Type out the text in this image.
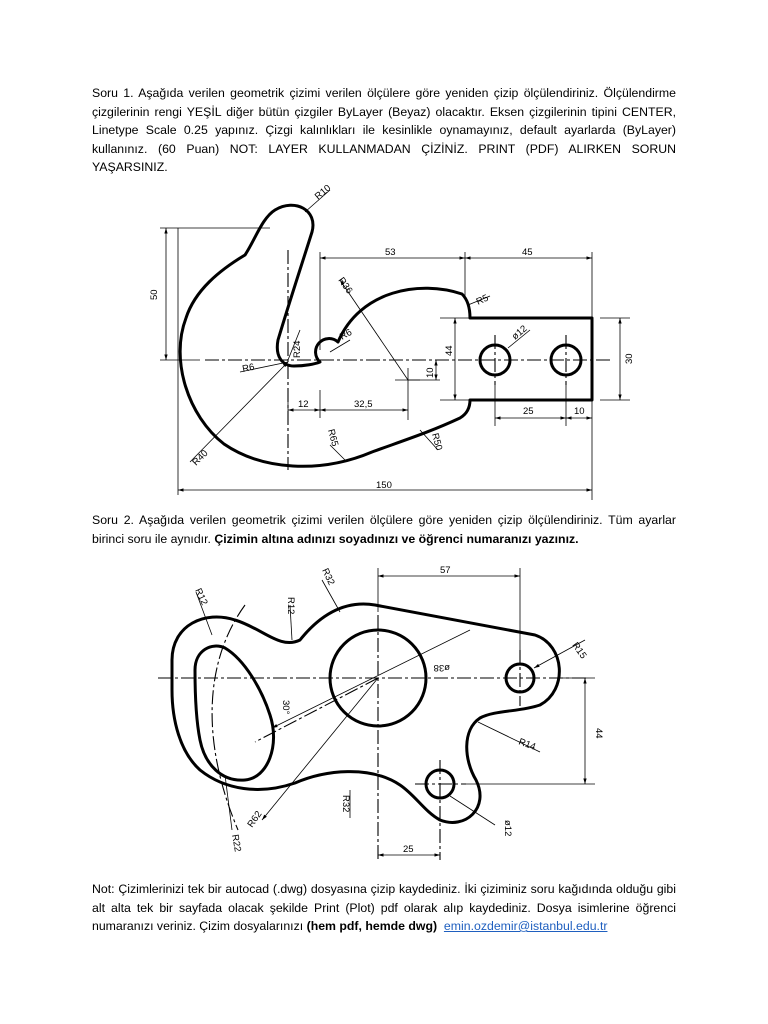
Soru 1. Aşağıda verilen geometrik çizimi verilen ölçülere göre yeniden çizip ölçülendiriniz. Ölçülendirme çizgilerinin rengi YEŞİL diğer bütün çizgiler ByLayer (Beyaz) olacaktır. Eksen çizgilerinin tipini CENTER, Linetype Scale 0.25 yapınız. Çizgi kalınlıkları ile kesinlikle oynamayınız, default ayarlarda (ByLayer) kullanınız. (60 Puan) NOT: LAYER KULLANMADAN ÇİZİNİZ. PRINT (PDF) ALIRKEN SORUN YAŞARSINIZ.
R10
53	45
R36
R5
50
R24
R6
R6
44
ø12
30
10
12	32,5
25	10
R65	R50
R40
150
Soru 2. Aşağıda verilen geometrik çizimi verilen ölçülere göre yeniden çizip ölçülendiriniz. Tüm ayarlar birinci soru ile aynıdır. Çizimin altına adınızı soyadınızı ve öğrenci numaranızı yazınız.
R32	57
R12	R12
R15
ø38
30°
44
R14
R32
R22
R62	ø12
25
Not: Çizimlerinizi tek bir autocad (.dwg) dosyasına çizip kaydediniz. İki çiziminiz soru kağıdında olduğu gibi alt alta tek bir sayfada olacak şekilde Print (Plot) pdf olarak alıp kaydediniz. Dosya isimlerine öğrenci numaranızı veriniz. Çizim dosyalarınızı (hem pdf, hemde dwg) emin.ozdemir@istanbul.edu.tr
